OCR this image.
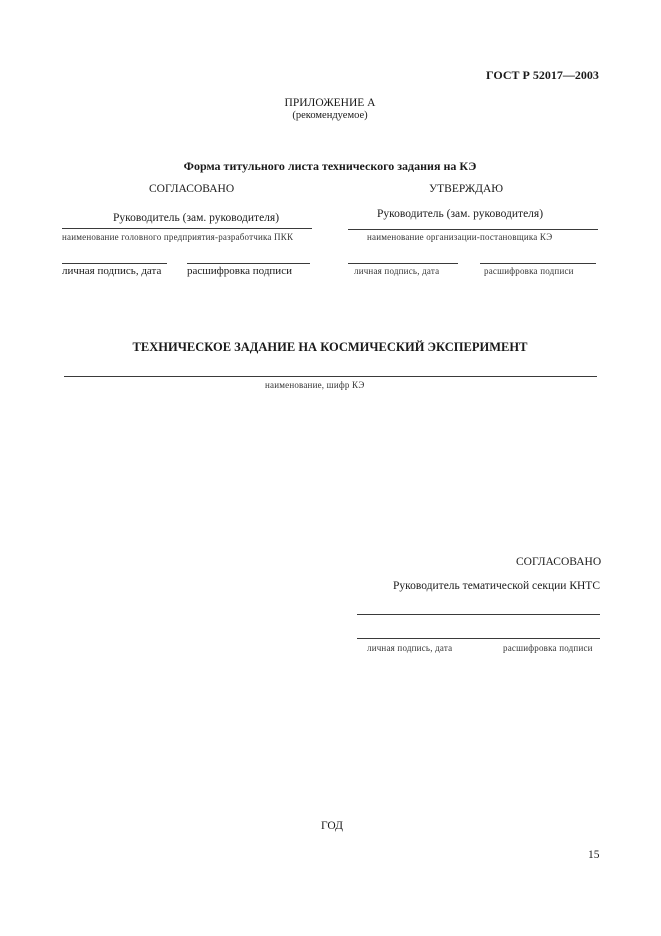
ГОСТ Р 52017—2003
ПРИЛОЖЕНИЕ А
(рекомендуемое)
Форма титульного листа технического задания на КЭ
СОГЛАСОВАНО
Руководитель (зам. руководителя)
наименование головного предприятия-разработчика ПКК
личная подпись, дата расшифровка подписи
УТВЕРЖДАЮ
Руководитель (зам. руководителя)
наименование организации-постановщика КЭ
личная подпись, дата	расшифровка подписи
ТЕХНИЧЕСКОЕ ЗАДАНИЕ НА КОСМИЧЕСКИЙ ЭКСПЕРИМЕНТ
наименование, шифр КЭ
СОГЛАСОВАНО
Руководитель тематической секции КНТС
личная подпись, дата	расшифровка подписи
ГОД
15
